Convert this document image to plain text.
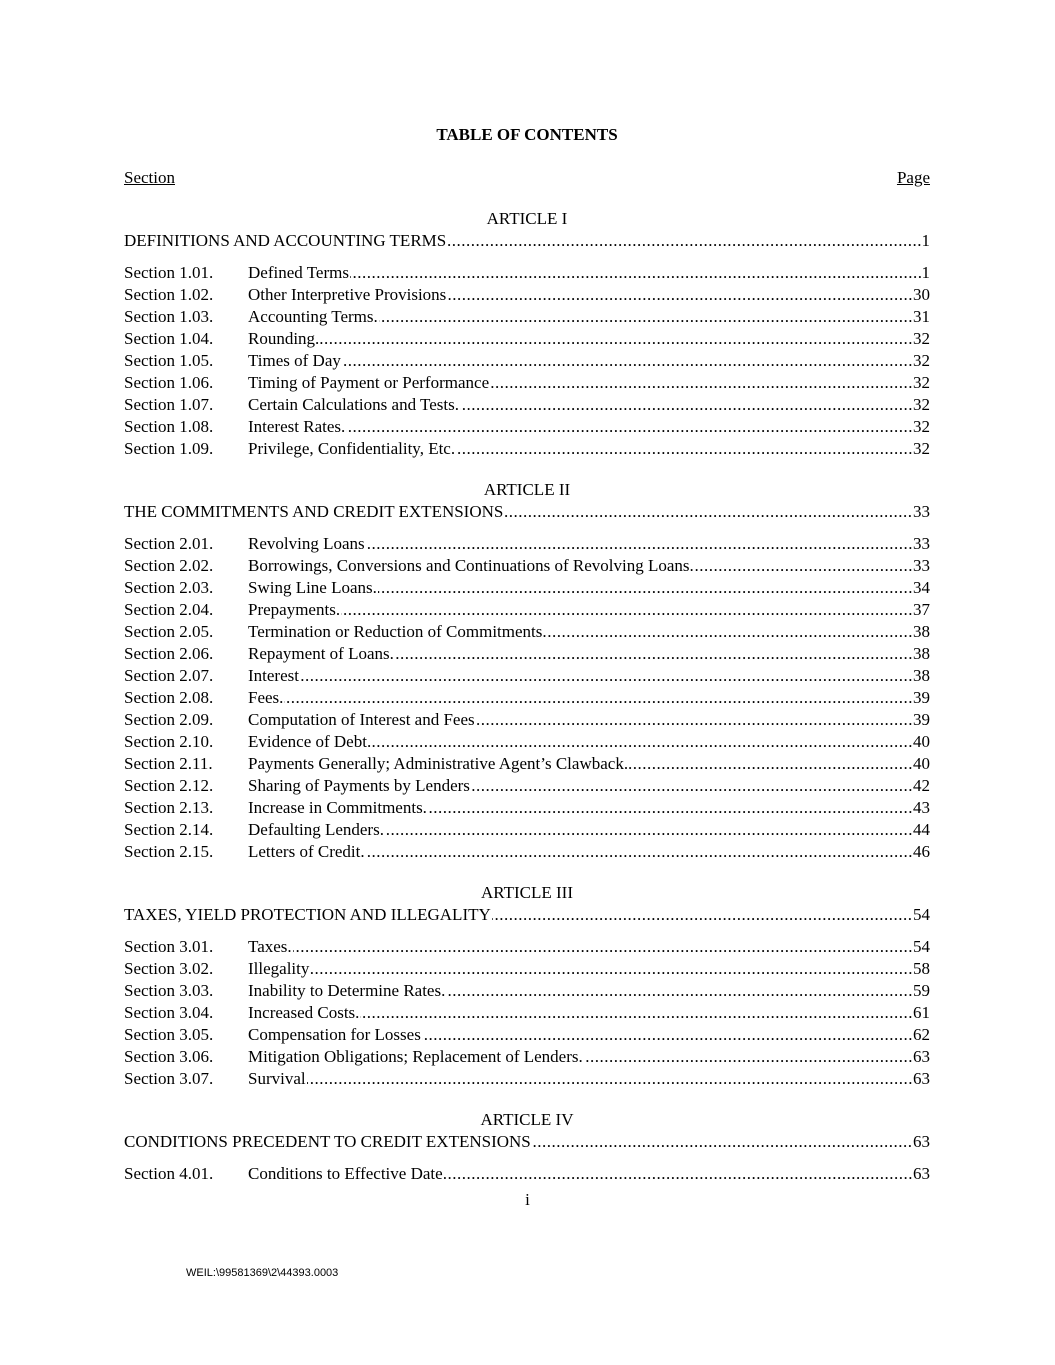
TABLE OF CONTENTS
Section	Page
ARTICLE I
DEFINITIONS AND ACCOUNTING TERMS .....	1
Section 1.01.	Defined Terms .....	1
Section 1.02.	Other Interpretive Provisions .....	30
Section 1.03.	Accounting Terms. .....	31
Section 1.04.	Rounding. .....	32
Section 1.05.	Times of Day .....	32
Section 1.06.	Timing of Payment or Performance .....	32
Section 1.07.	Certain Calculations and Tests. .....	32
Section 1.08.	Interest Rates. .....	32
Section 1.09.	Privilege, Confidentiality, Etc. .....	32
ARTICLE II
THE COMMITMENTS AND CREDIT EXTENSIONS .....	33
Section 2.01.	Revolving Loans .....	33
Section 2.02.	Borrowings, Conversions and Continuations of Revolving Loans. .....	33
Section 2.03.	Swing Line Loans. .....	34
Section 2.04.	Prepayments. .....	37
Section 2.05.	Termination or Reduction of Commitments. .....	38
Section 2.06.	Repayment of Loans. .....	38
Section 2.07.	Interest .....	38
Section 2.08.	Fees. .....	39
Section 2.09.	Computation of Interest and Fees .....	39
Section 2.10.	Evidence of Debt. .....	40
Section 2.11.	Payments Generally; Administrative Agent’s Clawback. .....	40
Section 2.12.	Sharing of Payments by Lenders .....	42
Section 2.13.	Increase in Commitments. .....	43
Section 2.14.	Defaulting Lenders. .....	44
Section 2.15.	Letters of Credit. .....	46
ARTICLE III
TAXES, YIELD PROTECTION AND ILLEGALITY .....	54
Section 3.01.	Taxes. .....	54
Section 3.02.	Illegality .....	58
Section 3.03.	Inability to Determine Rates. .....	59
Section 3.04.	Increased Costs. .....	61
Section 3.05.	Compensation for Losses .....	62
Section 3.06.	Mitigation Obligations; Replacement of Lenders. .....	63
Section 3.07.	Survival .....	63
ARTICLE IV
CONDITIONS PRECEDENT TO CREDIT EXTENSIONS .....	63
Section 4.01.	Conditions to Effective Date .....	63
i
WEIL:\99581369\2\44393.0003
